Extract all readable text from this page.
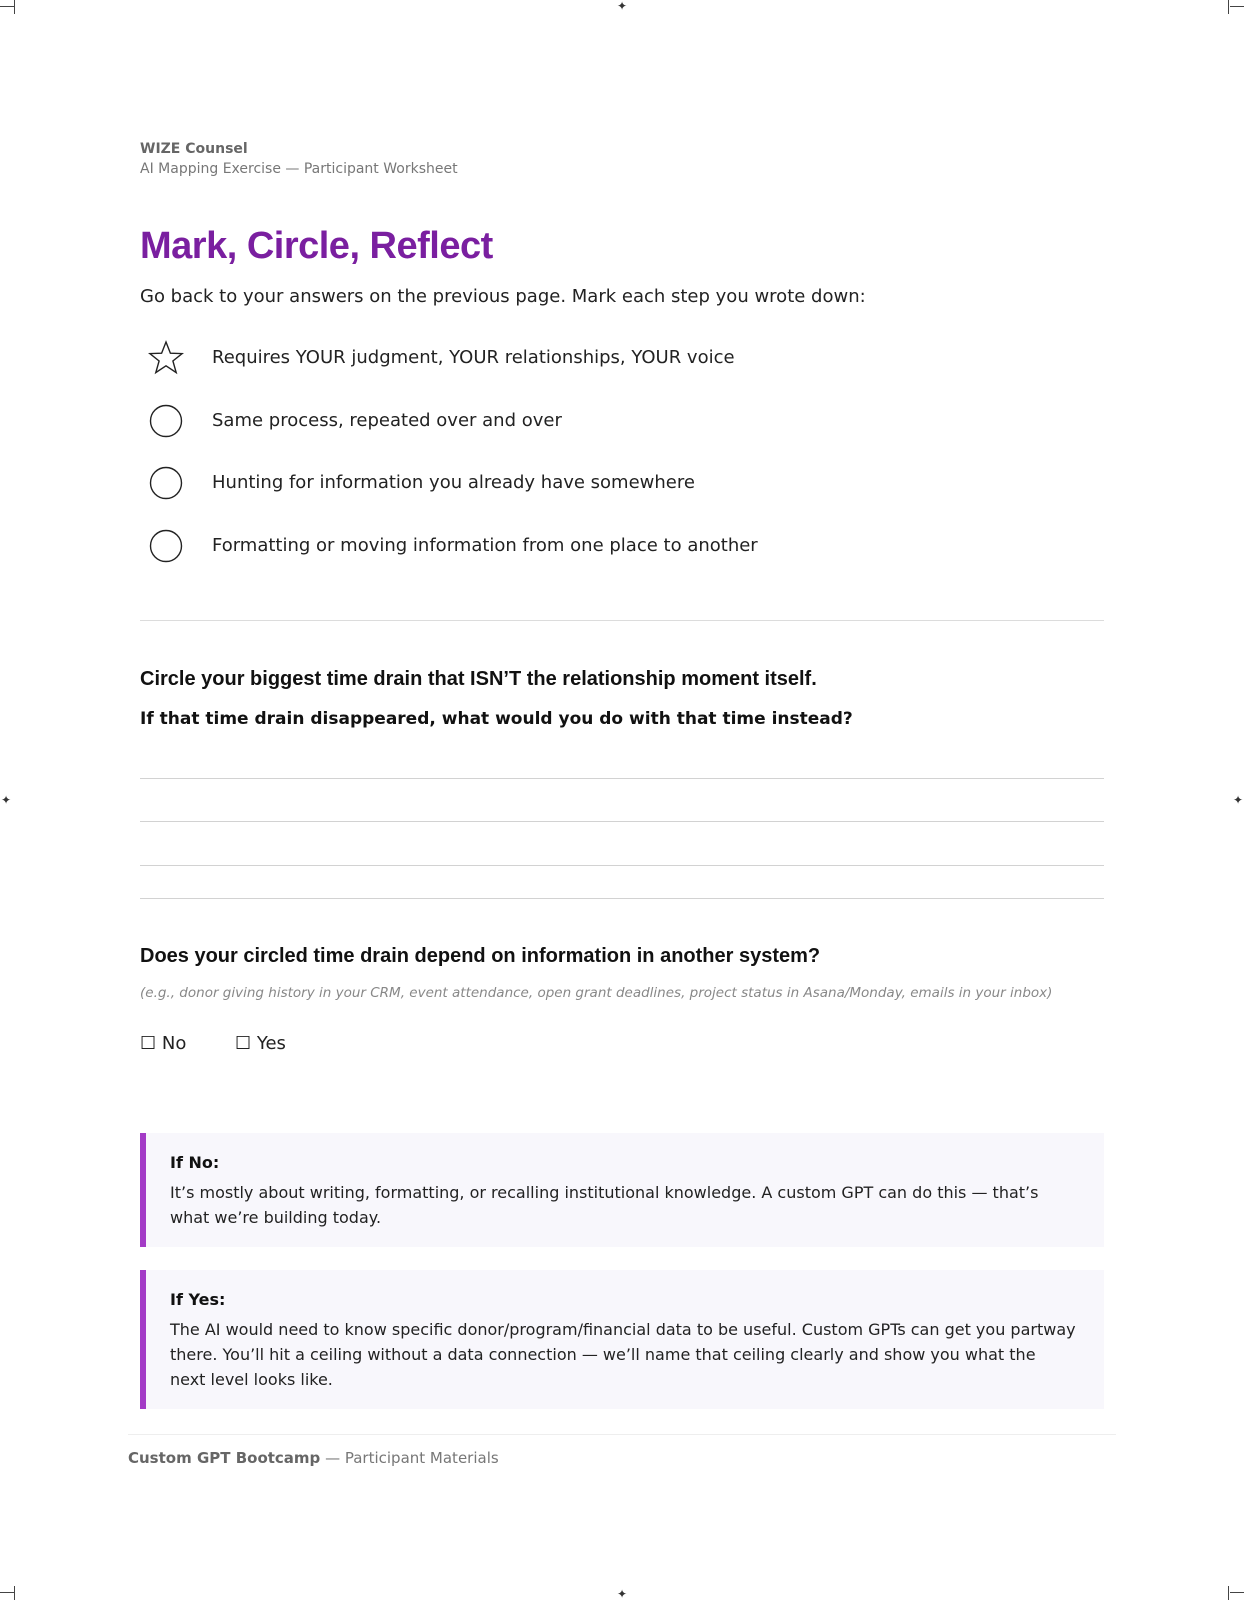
✦
✦
✦	✦
WIZE Counsel
AI Mapping Exercise — Participant Worksheet
Mark, Circle, Reflect
Go back to your answers on the previous page. Mark each step you wrote down:
Requires YOUR judgment, YOUR relationships, YOUR voice
Same process, repeated over and over
Hunting for information you already have somewhere
Formatting or moving information from one place to another
Circle your biggest time drain that ISN’T the relationship moment itself.
If that time drain disappeared, what would you do with that time instead?
Does your circled time drain depend on information in another system?
(e.g., donor giving history in your CRM, event attendance, open grant deadlines, project status in Asana/Monday, emails in your inbox)
☐ No	☐ Yes
If No:
It’s mostly about writing, formatting, or recalling institutional knowledge. A custom GPT can do this — that’s what we’re building today.
If Yes:
The AI would need to know specific donor/program/financial data to be useful. Custom GPTs can get you partway there. You’ll hit a ceiling without a data connection — we’ll name that ceiling clearly and show you what the next level looks like.
Custom GPT Bootcamp — Participant Materials
